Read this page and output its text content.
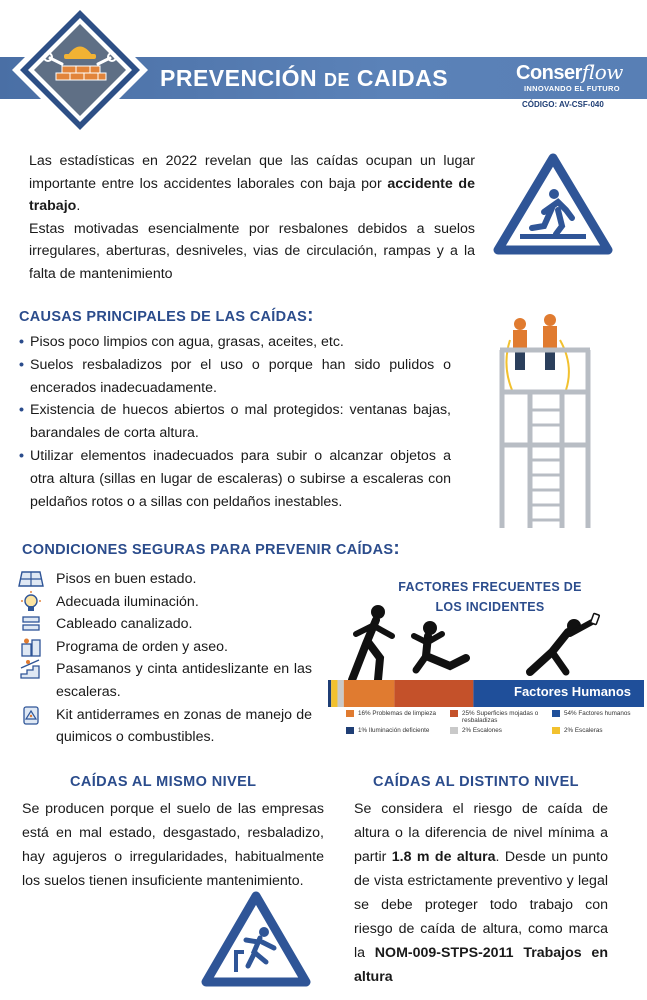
PREVENCIÓN DE CAIDAS	Conserflow
INNOVANDO EL FUTURO
CÓDIGO: AV-CSF-040

Las estadísticas en 2022 revelan que las caídas ocupan un lugar importante entre los accidentes laborales con baja por accidente de trabajo.

Estas motivadas esencialmente por resbalones debidos a suelos irregulares, aberturas, desniveles, vias de circulación, rampas y a la falta de mantenimiento

CAUSAS PRINCIPALES DE LAS CAÍDAS:
• Pisos poco limpios con agua, grasas, aceites, etc.
• Suelos resbaladizos por el uso o porque han sido pulidos o encerados inadecuadamente.
• Existencia de huecos abiertos o mal protegidos: ventanas bajas, barandales de corta altura.
• Utilizar elementos inadecuados para subir o alcanzar objetos a otra altura (sillas en lugar de escaleras) o subirse a escaleras con peldaños rotos o a sillas con peldaños inestables.
CONDICIONES SEGURAS PARA PREVENIR CAÍDAS:
Pisos en buen estado.
Adecuada iluminación.
Cableado canalizado.
Programa de orden y aseo.
Pasamanos y cinta antideslizante en las escaleras.
Kit antiderrames en zonas de manejo de quimicos o combustibles.
FACTORES FRECUENTES DE
LOS INCIDENTES
Factores Humanos
16% Problemas de limpieza	25% Superficies mojadas o resbaladizas
54% Factores humanos
1% Iluminación deficiente	2% Escalones	2% Escaleras
CAÍDAS AL MISMO NIVEL	CAÍDAS AL DISTINTO NIVEL
Se producen porque el suelo de las empresas está en mal estado, desgastado, resbaladizo, hay agujeros o irregularidades, habitualmente los suelos tienen insuficiente mantenimiento.
Se considera el riesgo de caída de altura o la diferencia de nivel mínima a partir 1.8 m de altura. Desde un punto de vista estrictamente preventivo y legal se debe proteger todo trabajo con riesgo de caída de altura, como marca la NOM-009-STPS-2011 Trabajos en altura
